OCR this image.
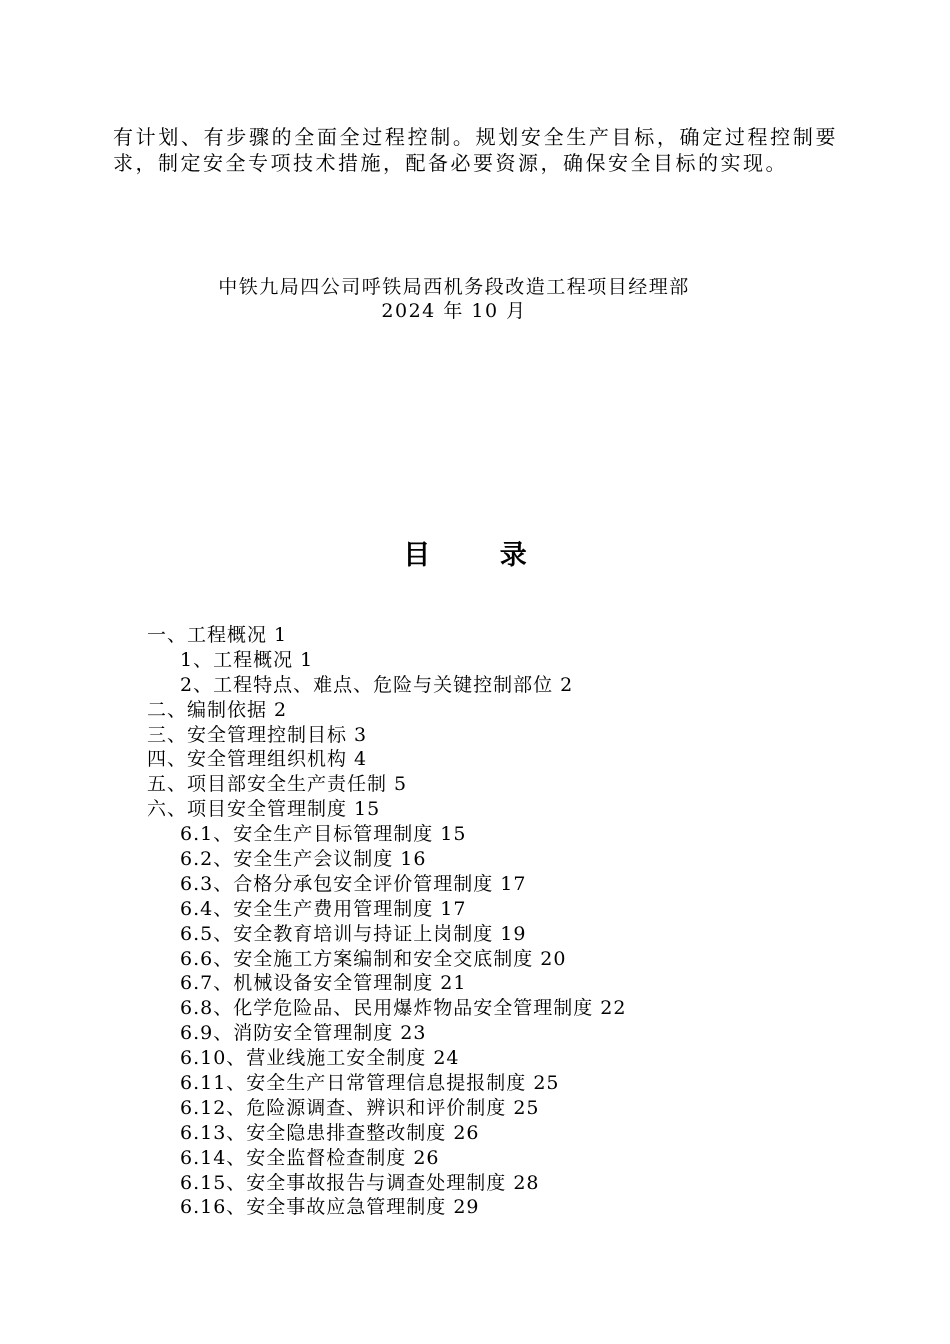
有计划、有步骤的全面全过程控制。规划安全生产目标，确定过程控制要求，制定安全专项技术措施，配备必要资源，确保安全目标的实现。

中铁九局四公司呼铁局西机务段改造工程项目经理部
2024 年 10 月
目 录
一、工程概况 1
1、工程概况 1
2、工程特点、难点、危险与关键控制部位 2
二、编制依据 2
三、安全管理控制目标 3
四、安全管理组织机构 4
五、项目部安全生产责任制 5
六、项目安全管理制度 15
6.1、安全生产目标管理制度 15
6.2、安全生产会议制度 16
6.3、合格分承包安全评价管理制度 17
6.4、安全生产费用管理制度 17
6.5、安全教育培训与持证上岗制度 19
6.6、安全施工方案编制和安全交底制度 20
6.7、机械设备安全管理制度 21
6.8、化学危险品、民用爆炸物品安全管理制度 22
6.9、消防安全管理制度 23
6.10、营业线施工安全制度 24
6.11、安全生产日常管理信息提报制度 25
6.12、危险源调查、辨识和评价制度 25
6.13、安全隐患排查整改制度 26
6.14、安全监督检查制度 26
6.15、安全事故报告与调查处理制度 28
6.16、安全事故应急管理制度 29
